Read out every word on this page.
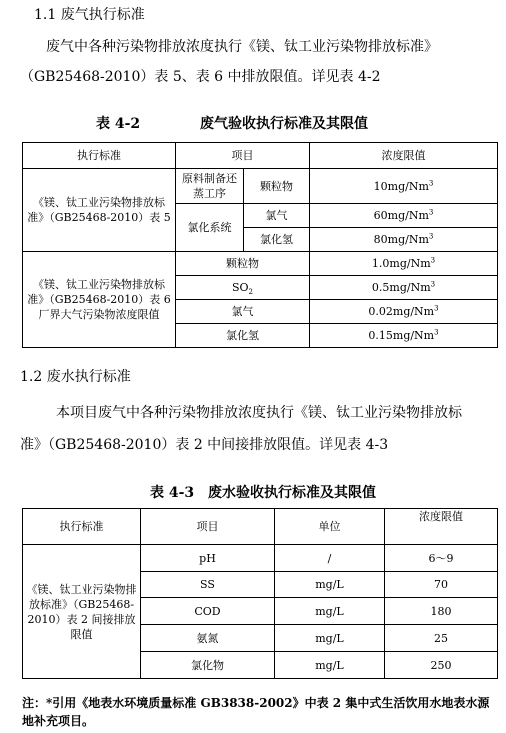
1.1 废气执行标准
废气中各种污染物排放浓度执行《镁、钛工业污染物排放标准》
（GB25468-2010）表 5、表 6 中排放限值。详见表 4-2
表 4-2	废气验收执行标准及其限值
执行标准	项目		浓度限值
《镁、钛工业污染物排放标准》（GB25468-2010）表 5	原料制备还蒸工序	颗粒物	10mg/Nm$^3$
	氯化系统	氯气	60mg/Nm$^3$
		氯化氢	80mg/Nm$^3$
《镁、钛工业污染物排放标准》（GB25468-2010）表 6 厂界大气污染物浓度限值	颗粒物		1.0mg/Nm$^3$
	$SO_2$		0.5mg/Nm$^3$
	氯气		0.02mg/Nm$^3$
	氯化氢		0.15mg/Nm$^3$
1.2 废水执行标准
本项目废气中各种污染物排放浓度执行《镁、钛工业污染物排放标
准》（GB25468-2010）表 2 中间接排放限值。详见表 4-3
表 4-3 废水验收执行标准及其限值
执行标准	项目	单位	浓度限值
《镁、钛工业污染物排放标准》（GB25468-2010）表 2 间接排放限值	pH	/	6～9
	SS	mg/L	70
	COD	mg/L	180
	氨氮	mg/L	25
	氯化物	mg/L	250
注：*引用《地表水环境质量标准 GB3838-2002》中表 2 集中式生活饮用水地表水源地补充项目。
